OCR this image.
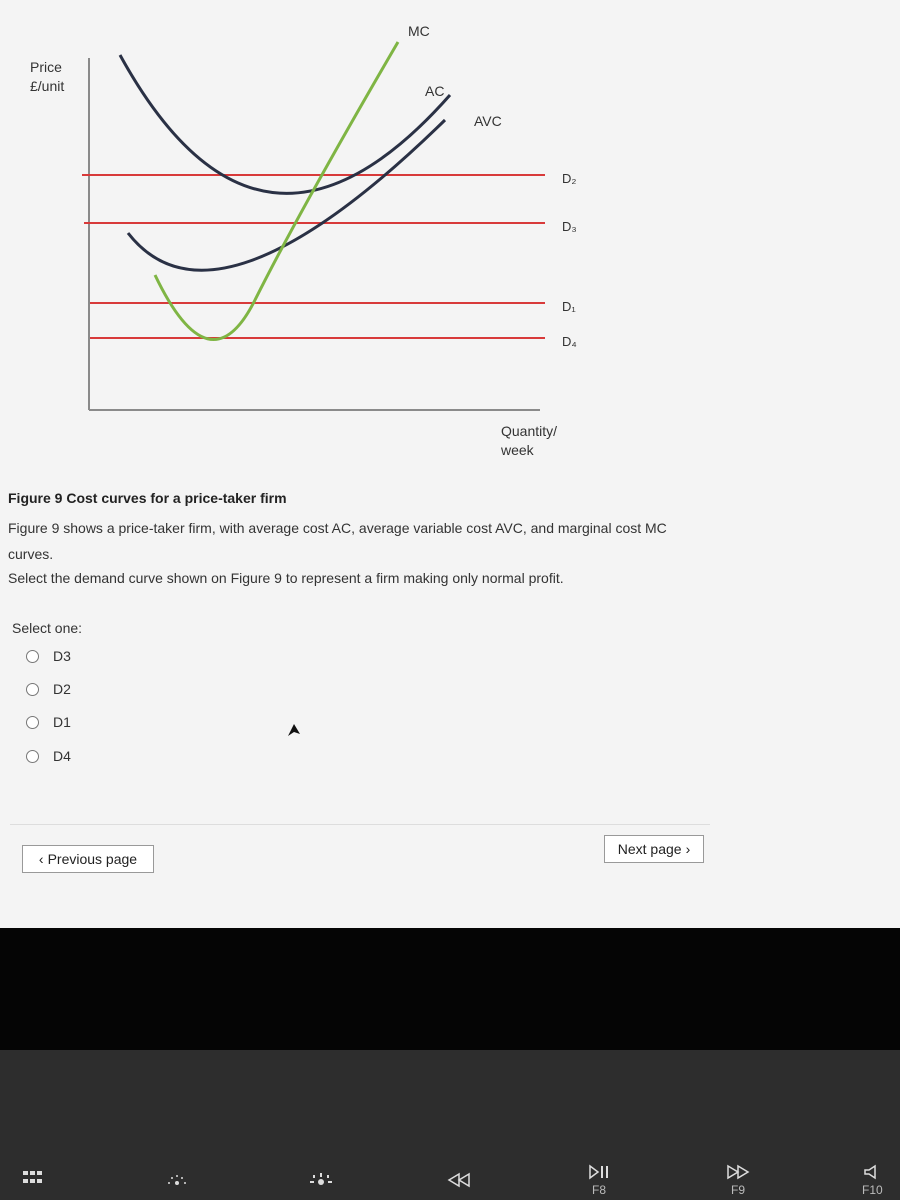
Price
£/unit
Quantity/
week
MC
AC
AVC
D₂
D₃
D₁
D₄
Figure 9 Cost curves for a price-taker firm
Figure 9 shows a price-taker firm, with average cost AC, average variable cost AVC, and marginal cost MC curves.
Select the demand curve shown on Figure 9 to represent a firm making only normal profit.
Select one:
D3
D2
D1
D4
‹ Previous page
Next page ›
F8	F9	F10
